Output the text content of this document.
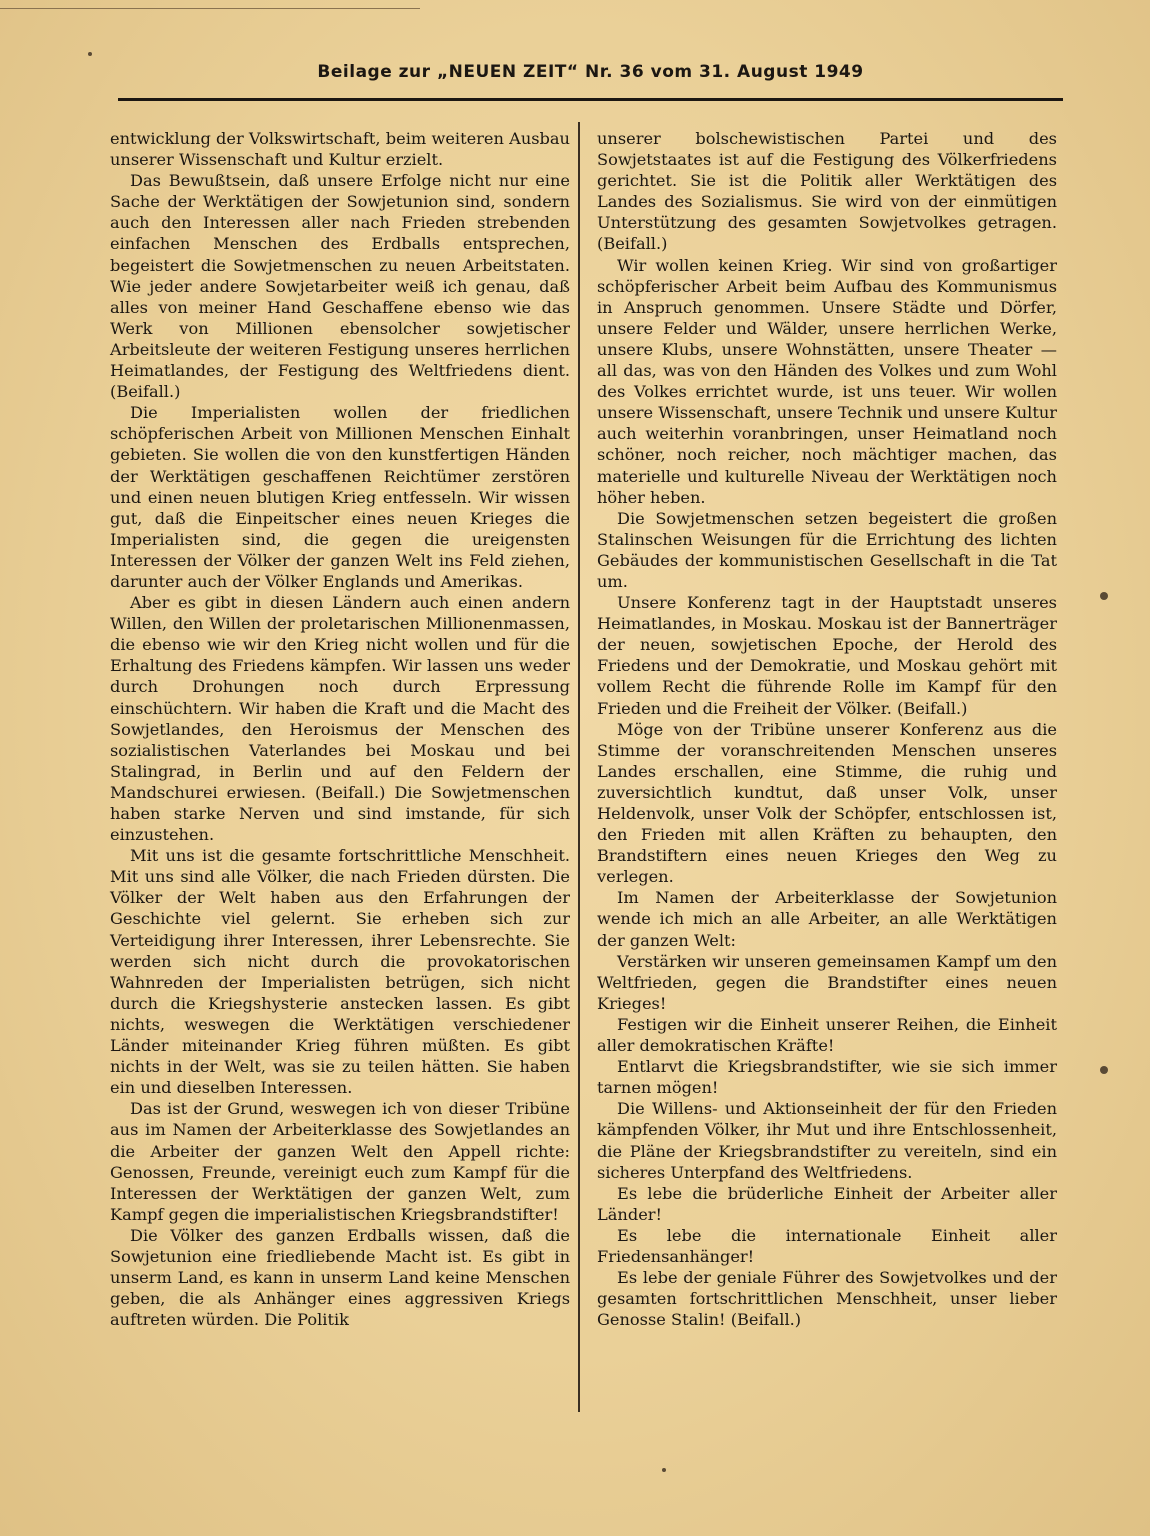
Beilage zur „NEUEN ZEIT“ Nr. 36 vom 31. August 1949

entwicklung der Volkswirtschaft, beim weiteren Ausbau unserer Wissenschaft und Kultur erzielt.

Das Bewußtsein, daß unsere Erfolge nicht nur eine Sache der Werktätigen der Sowjetunion sind, sondern auch den Interessen aller nach Frieden strebenden einfachen Menschen des Erdballs entsprechen, begeistert die Sowjetmenschen zu neuen Arbeitstaten. Wie jeder andere Sowjetarbeiter weiß ich genau, daß alles von meiner Hand Geschaffene ebenso wie das Werk von Millionen ebensolcher sowjetischer Arbeitsleute der weiteren Festigung unseres herrlichen Heimatlandes, der Festigung des Weltfriedens dient. (Beifall.)

Die Imperialisten wollen der friedlichen schöpferischen Arbeit von Millionen Menschen Einhalt gebieten. Sie wollen die von den kunstfertigen Händen der Werktätigen geschaffenen Reichtümer zerstören und einen neuen blutigen Krieg entfesseln. Wir wissen gut, daß die Einpeitscher eines neuen Krieges die Imperialisten sind, die gegen die ureigensten Interessen der Völker der ganzen Welt ins Feld ziehen, darunter auch der Völker Englands und Amerikas.

Aber es gibt in diesen Ländern auch einen andern Willen, den Willen der proletarischen Millionenmassen, die ebenso wie wir den Krieg nicht wollen und für die Erhaltung des Friedens kämpfen. Wir lassen uns weder durch Drohungen noch durch Erpressung einschüchtern. Wir haben die Kraft und die Macht des Sowjetlandes, den Heroismus der Menschen des sozialistischen Vaterlandes bei Moskau und bei Stalingrad, in Berlin und auf den Feldern der Mandschurei erwiesen. (Beifall.) Die Sowjetmenschen haben starke Nerven und sind imstande, für sich einzustehen.

Mit uns ist die gesamte fortschrittliche Menschheit. Mit uns sind alle Völker, die nach Frieden dürsten. Die Völker der Welt haben aus den Erfahrungen der Geschichte viel gelernt. Sie erheben sich zur Verteidigung ihrer Interessen, ihrer Lebensrechte. Sie werden sich nicht durch die provokatorischen Wahnreden der Imperialisten betrügen, sich nicht durch die Kriegshysterie anstecken lassen. Es gibt nichts, weswegen die Werktätigen verschiedener Länder miteinander Krieg führen müßten. Es gibt nichts in der Welt, was sie zu teilen hätten. Sie haben ein und dieselben Interessen.

Das ist der Grund, weswegen ich von dieser Tribüne aus im Namen der Arbeiterklasse des Sowjetlandes an die Arbeiter der ganzen Welt den Appell richte: Genossen, Freunde, vereinigt euch zum Kampf für die Interessen der Werktätigen der ganzen Welt, zum Kampf gegen die imperialistischen Kriegsbrandstifter!

Die Völker des ganzen Erdballs wissen, daß die Sowjetunion eine friedliebende Macht ist. Es gibt in unserm Land, es kann in unserm Land keine Menschen geben, die als Anhänger eines aggressiven Kriegs auftreten würden. Die Politik

unserer bolschewistischen Partei und des Sowjetstaates ist auf die Festigung des Völkerfriedens gerichtet. Sie ist die Politik aller Werktätigen des Landes des Sozialismus. Sie wird von der einmütigen Unterstützung des gesamten Sowjetvolkes getragen. (Beifall.)

Wir wollen keinen Krieg. Wir sind von großartiger schöpferischer Arbeit beim Aufbau des Kommunismus in Anspruch genommen. Unsere Städte und Dörfer, unsere Felder und Wälder, unsere herrlichen Werke, unsere Klubs, unsere Wohnstätten, unsere Theater — all das, was von den Händen des Volkes und zum Wohl des Volkes errichtet wurde, ist uns teuer. Wir wollen unsere Wissenschaft, unsere Technik und unsere Kultur auch weiterhin voranbringen, unser Heimatland noch schöner, noch reicher, noch mächtiger machen, das materielle und kulturelle Niveau der Werktätigen noch höher heben.

Die Sowjetmenschen setzen begeistert die großen Stalinschen Weisungen für die Errichtung des lichten Gebäudes der kommunistischen Gesellschaft in die Tat um.

Unsere Konferenz tagt in der Hauptstadt unseres Heimatlandes, in Moskau. Moskau ist der Bannerträger der neuen, sowjetischen Epoche, der Herold des Friedens und der Demokratie, und Moskau gehört mit vollem Recht die führende Rolle im Kampf für den Frieden und die Freiheit der Völker. (Beifall.)

Möge von der Tribüne unserer Konferenz aus die Stimme der voranschreitenden Menschen unseres Landes erschallen, eine Stimme, die ruhig und zuversichtlich kundtut, daß unser Volk, unser Heldenvolk, unser Volk der Schöpfer, entschlossen ist, den Frieden mit allen Kräften zu behaupten, den Brandstiftern eines neuen Krieges den Weg zu verlegen.

Im Namen der Arbeiterklasse der Sowjetunion wende ich mich an alle Arbeiter, an alle Werktätigen der ganzen Welt:

Verstärken wir unseren gemeinsamen Kampf um den Weltfrieden, gegen die Brandstifter eines neuen Krieges!

Festigen wir die Einheit unserer Reihen, die Einheit aller demokratischen Kräfte!

Entlarvt die Kriegsbrandstifter, wie sie sich immer tarnen mögen!

Die Willens- und Aktionseinheit der für den Frieden kämpfenden Völker, ihr Mut und ihre Entschlossenheit, die Pläne der Kriegsbrandstifter zu vereiteln, sind ein sicheres Unterpfand des Weltfriedens.

Es lebe die brüderliche Einheit der Arbeiter aller Länder!

Es lebe die internationale Einheit aller Friedensanhänger!

Es lebe der geniale Führer des Sowjetvolkes und der gesamten fortschrittlichen Menschheit, unser lieber Genosse Stalin! (Beifall.)
